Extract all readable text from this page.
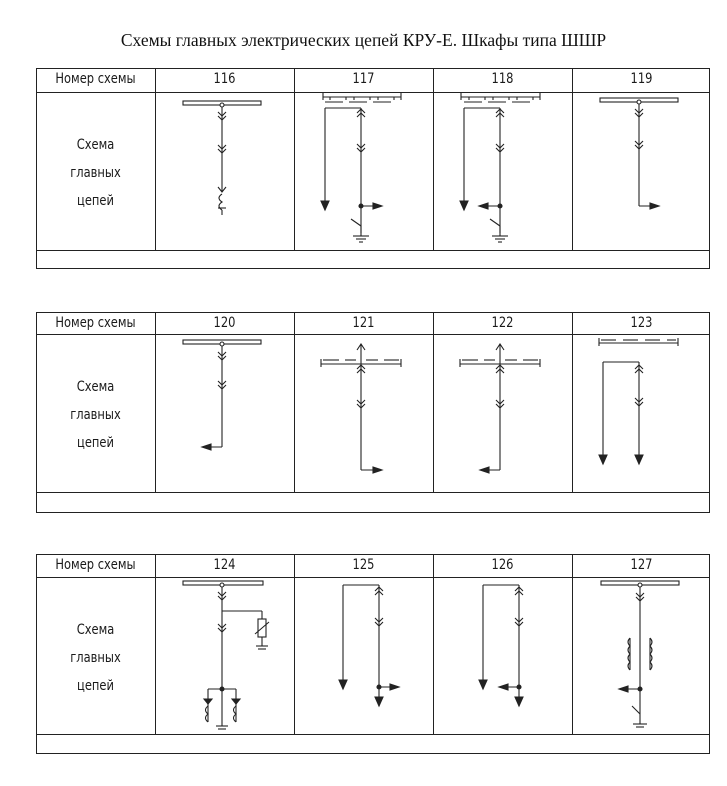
Схемы главных электрических цепей КРУ-Е. Шкафы типа ШШР
Номер схемы	116	117	118	119
Схема
главных
цепей
Номер схемы	120	121	122	123
Схема
главных
цепей
Номер схемы	124	125	126	127
Схема
главных
цепей
